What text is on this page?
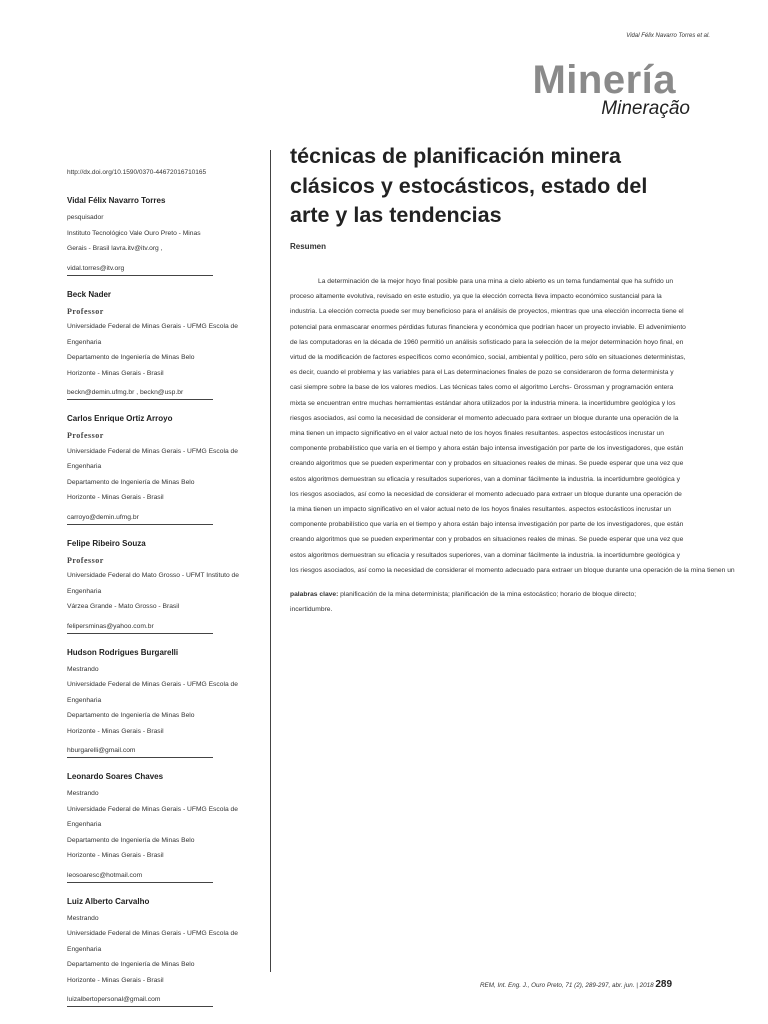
Vidal Félix Navarro Torres et al.
Minería
Mineração
http://dx.doi.org/10.1590/0370-44672016710165
Vidal Félix Navarro Torres
pesquisador
Instituto Tecnológico Vale Ouro Preto - Minas
Gerais - Brasil lavra.itv@itv.org ,
vidal.torres@itv.org
Beck Nader
Professor
Universidade Federal de Minas Gerais - UFMG Escola de
Engenharia
Departamento de Ingeniería de Minas Belo
Horizonte - Minas Gerais - Brasil
beckn@demin.ufmg.br , beckn@usp.br
Carlos Enrique Ortiz Arroyo
Professor
Universidade Federal de Minas Gerais - UFMG Escola de
Engenharia
Departamento de Ingeniería de Minas Belo
Horizonte - Minas Gerais - Brasil
carroyo@demin.ufmg.br
Felipe Ribeiro Souza
Professor
Universidade Federal do Mato Grosso - UFMT Instituto de
Engenharia
Várzea Grande - Mato Grosso - Brasil
felipersminas@yahoo.com.br
Hudson Rodrigues Burgarelli
Mestrando
Universidade Federal de Minas Gerais - UFMG Escola de
Engenharia
Departamento de Ingeniería de Minas Belo
Horizonte - Minas Gerais - Brasil
hburgarelli@gmail.com
Leonardo Soares Chaves
Mestrando
Universidade Federal de Minas Gerais - UFMG Escola de
Engenharia
Departamento de Ingeniería de Minas Belo
Horizonte - Minas Gerais - Brasil
leosoaresc@hotmail.com
Luiz Alberto Carvalho
Mestrando
Universidade Federal de Minas Gerais - UFMG Escola de
Engenharia
Departamento de Ingeniería de Minas Belo
Horizonte - Minas Gerais - Brasil
luizalbertopersonal@gmail.com
técnicas de planificación minera
clásicos y estocásticos, estado del
arte y las tendencias
Resumen

La determinación de la mejor hoyo final posible para una mina a cielo abierto es un tema fundamental que ha sufrido un

proceso altamente evolutiva, revisado en este estudio, ya que la elección correcta lleva impacto económico sustancial para la

industria. La elección correcta puede ser muy beneficioso para el análisis de proyectos, mientras que una elección incorrecta tiene el

potencial para enmascarar enormes pérdidas futuras financiera y económica que podrían hacer un proyecto inviable. El advenimiento

de las computadoras en la década de 1960 permitió un análisis sofisticado para la selección de la mejor determinación hoyo final, en

virtud de la modificación de factores específicos como económico, social, ambiental y político, pero sólo en situaciones deterministas,

es decir, cuando el problema y las variables para el Las determinaciones finales de pozo se consideraron de forma determinista y

casi siempre sobre la base de los valores medios. Las técnicas tales como el algoritmo Lerchs- Grossman y programación entera

mixta se encuentran entre muchas herramientas estándar ahora utilizados por la industria minera. la incertidumbre geológica y los

riesgos asociados, así como la necesidad de considerar el momento adecuado para extraer un bloque durante una operación de la

mina tienen un impacto significativo en el valor actual neto de los hoyos finales resultantes. aspectos estocásticos incrustar un

componente probabilístico que varía en el tiempo y ahora están bajo intensa investigación por parte de los investigadores, que están

creando algoritmos que se pueden experimentar con y probados en situaciones reales de minas. Se puede esperar que una vez que

estos algoritmos demuestran su eficacia y resultados superiores, van a dominar fácilmente la industria. la incertidumbre geológica y

los riesgos asociados, así como la necesidad de considerar el momento adecuado para extraer un bloque durante una operación de

la mina tienen un impacto significativo en el valor actual neto de los hoyos finales resultantes. aspectos estocásticos incrustar un

componente probabilístico que varía en el tiempo y ahora están bajo intensa investigación por parte de los investigadores, que están

creando algoritmos que se pueden experimentar con y probados en situaciones reales de minas. Se puede esperar que una vez que

estos algoritmos demuestran su eficacia y resultados superiores, van a dominar fácilmente la industria. la incertidumbre geológica y

los riesgos asociados, así como la necesidad de considerar el momento adecuado para extraer un bloque durante una operación de la mina tienen un

palabras clave: planificación de la mina determinista; planificación de la mina estocástico; horario de bloque directo;
incertidumbre.
REM, Int. Eng. J., Ouro Preto, 71 (2), 289-297, abr. jun. | 2018 289
